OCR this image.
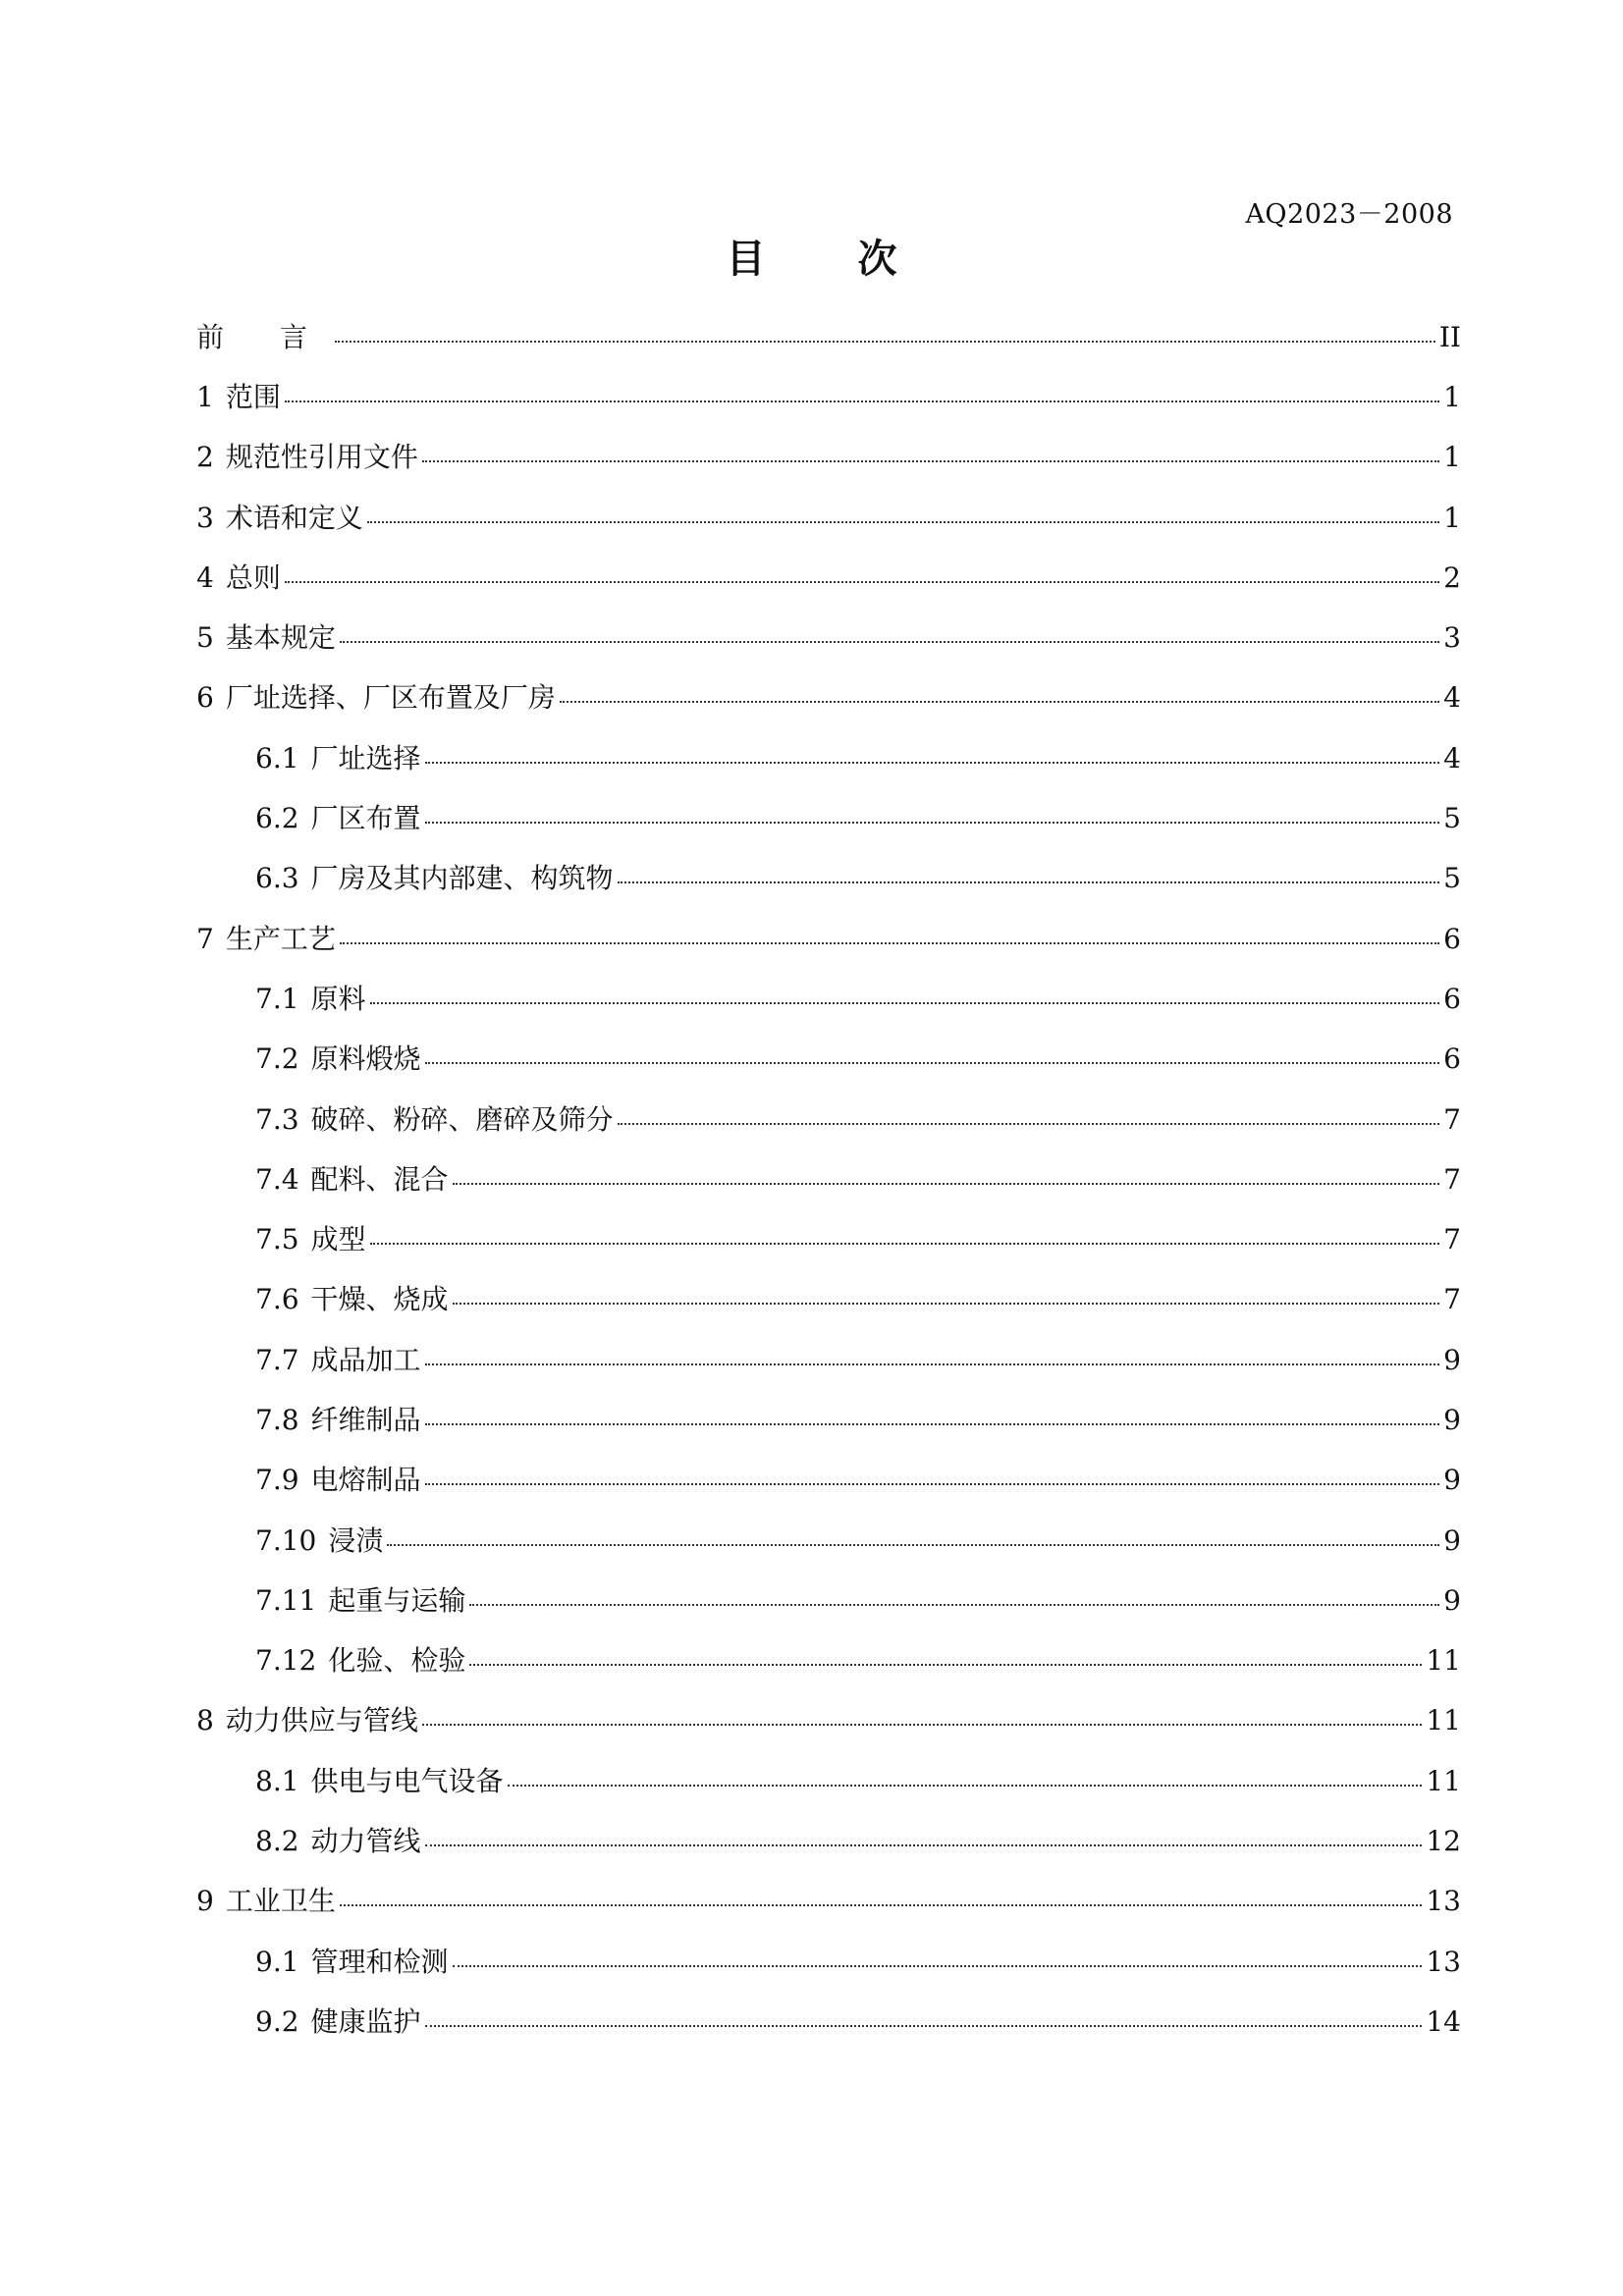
AQ2023－2008
目 次
前 言	II
1 范围	1
2 规范性引用文件	1
3 术语和定义	1
4 总则	2
5 基本规定	3
6 厂址选择、厂区布置及厂房	4
6.1 厂址选择	4
6.2 厂区布置	5
6.3 厂房及其内部建、构筑物	5
7 生产工艺	6
7.1 原料	6
7.2 原料煅烧	6
7.3 破碎、粉碎、磨碎及筛分	7
7.4 配料、混合	7
7.5 成型	7
7.6 干燥、烧成	7
7.7 成品加工	9
7.8 纤维制品	9
7.9 电熔制品	9
7.10 浸渍	9
7.11 起重与运输	9
7.12 化验、检验	11
8 动力供应与管线	11
8.1 供电与电气设备	11
8.2 动力管线	12
9 工业卫生	13
9.1 管理和检测	13
9.2 健康监护	14
